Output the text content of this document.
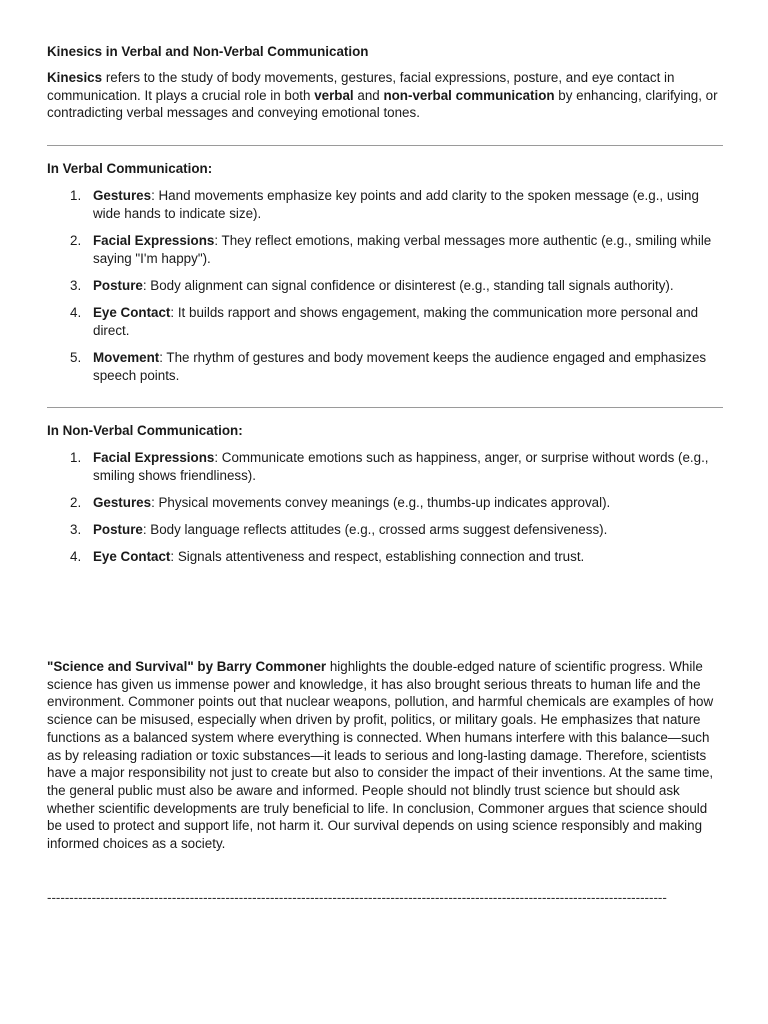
Kinesics in Verbal and Non-Verbal Communication
Kinesics refers to the study of body movements, gestures, facial expressions, posture, and eye contact in communication. It plays a crucial role in both verbal and non-verbal communication by enhancing, clarifying, or contradicting verbal messages and conveying emotional tones.
In Verbal Communication:
1. Gestures: Hand movements emphasize key points and add clarity to the spoken message (e.g., using wide hands to indicate size).
2. Facial Expressions: They reflect emotions, making verbal messages more authentic (e.g., smiling while saying "I'm happy").
3. Posture: Body alignment can signal confidence or disinterest (e.g., standing tall signals authority).
4. Eye Contact: It builds rapport and shows engagement, making the communication more personal and direct.
5. Movement: The rhythm of gestures and body movement keeps the audience engaged and emphasizes speech points.
In Non-Verbal Communication:
1. Facial Expressions: Communicate emotions such as happiness, anger, or surprise without words (e.g., smiling shows friendliness).
2. Gestures: Physical movements convey meanings (e.g., thumbs-up indicates approval).
3. Posture: Body language reflects attitudes (e.g., crossed arms suggest defensiveness).
4. Eye Contact: Signals attentiveness and respect, establishing connection and trust.
"Science and Survival" by Barry Commoner highlights the double-edged nature of scientific progress. While science has given us immense power and knowledge, it has also brought serious threats to human life and the environment. Commoner points out that nuclear weapons, pollution, and harmful chemicals are examples of how science can be misused, especially when driven by profit, politics, or military goals. He emphasizes that nature functions as a balanced system where everything is connected. When humans interfere with this balance—such as by releasing radiation or toxic substances—it leads to serious and long-lasting damage. Therefore, scientists have a major responsibility not just to create but also to consider the impact of their inventions. At the same time, the general public must also be aware and informed. People should not blindly trust science but should ask whether scientific developments are truly beneficial to life. In conclusion, Commoner argues that science should be used to protect and support life, not harm it. Our survival depends on using science responsibly and making informed choices as a society.
-------------------------------------------------------------------------------------------------------------------------------------------
